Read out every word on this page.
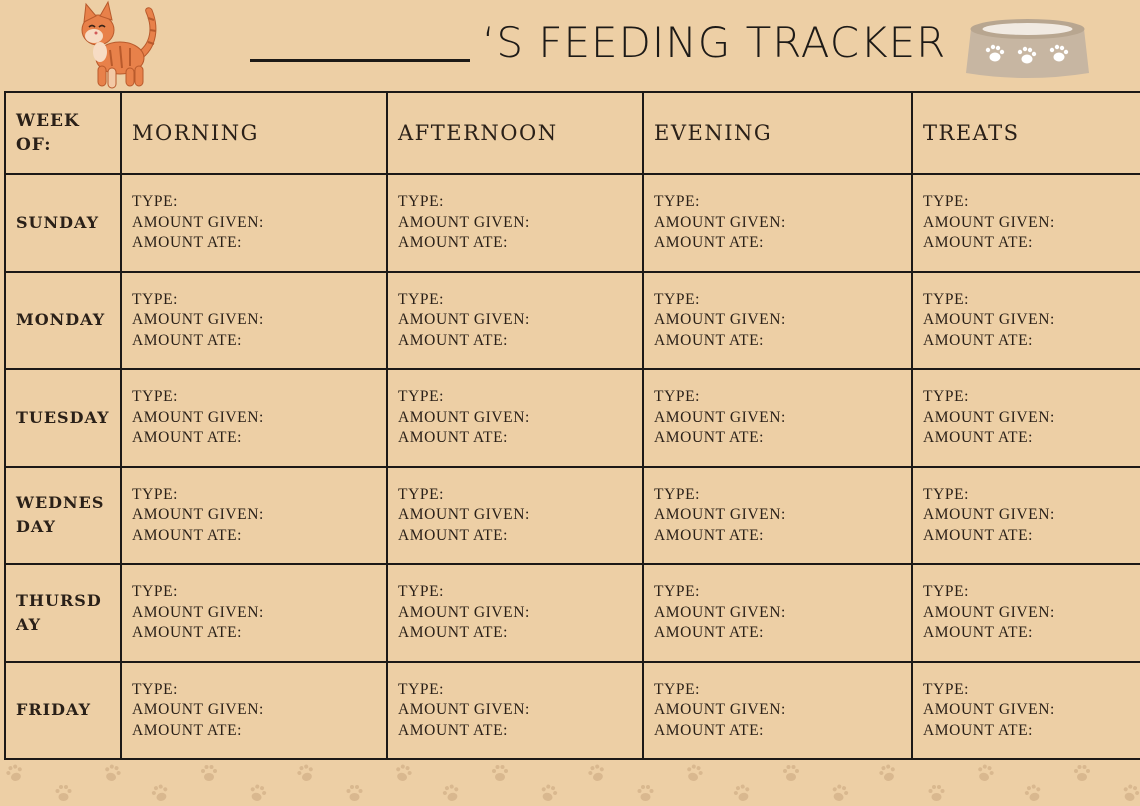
‘S FEEDING TRACKER
WEEK OF:	MORNING	AFTERNOON	EVENING	TREATS
SUNDAY	TYPE:
AMOUNT GIVEN:
AMOUNT ATE:	TYPE:
AMOUNT GIVEN:
AMOUNT ATE:	TYPE:
AMOUNT GIVEN:
AMOUNT ATE:	TYPE:
AMOUNT GIVEN:
AMOUNT ATE:

MONDAY	TYPE:
AMOUNT GIVEN:
AMOUNT ATE:	TYPE:
AMOUNT GIVEN:
AMOUNT ATE:	TYPE:
AMOUNT GIVEN:
AMOUNT ATE:	TYPE:
AMOUNT GIVEN:
AMOUNT ATE:

TUESDAY	TYPE:
AMOUNT GIVEN:
AMOUNT ATE:	TYPE:
AMOUNT GIVEN:
AMOUNT ATE:	TYPE:
AMOUNT GIVEN:
AMOUNT ATE:	TYPE:
AMOUNT GIVEN:
AMOUNT ATE:

WEDNESDAY	TYPE:
AMOUNT GIVEN:
AMOUNT ATE:	TYPE:
AMOUNT GIVEN:
AMOUNT ATE:	TYPE:
AMOUNT GIVEN:
AMOUNT ATE:	TYPE:
AMOUNT GIVEN:
AMOUNT ATE:

THURSDAY	TYPE:
AMOUNT GIVEN:
AMOUNT ATE:	TYPE:
AMOUNT GIVEN:
AMOUNT ATE:	TYPE:
AMOUNT GIVEN:
AMOUNT ATE:	TYPE:
AMOUNT GIVEN:
AMOUNT ATE:

FRIDAY	TYPE:
AMOUNT GIVEN:
AMOUNT ATE:	TYPE:
AMOUNT GIVEN:
AMOUNT ATE:	TYPE:
AMOUNT GIVEN:
AMOUNT ATE:	TYPE:
AMOUNT GIVEN:
AMOUNT ATE:
